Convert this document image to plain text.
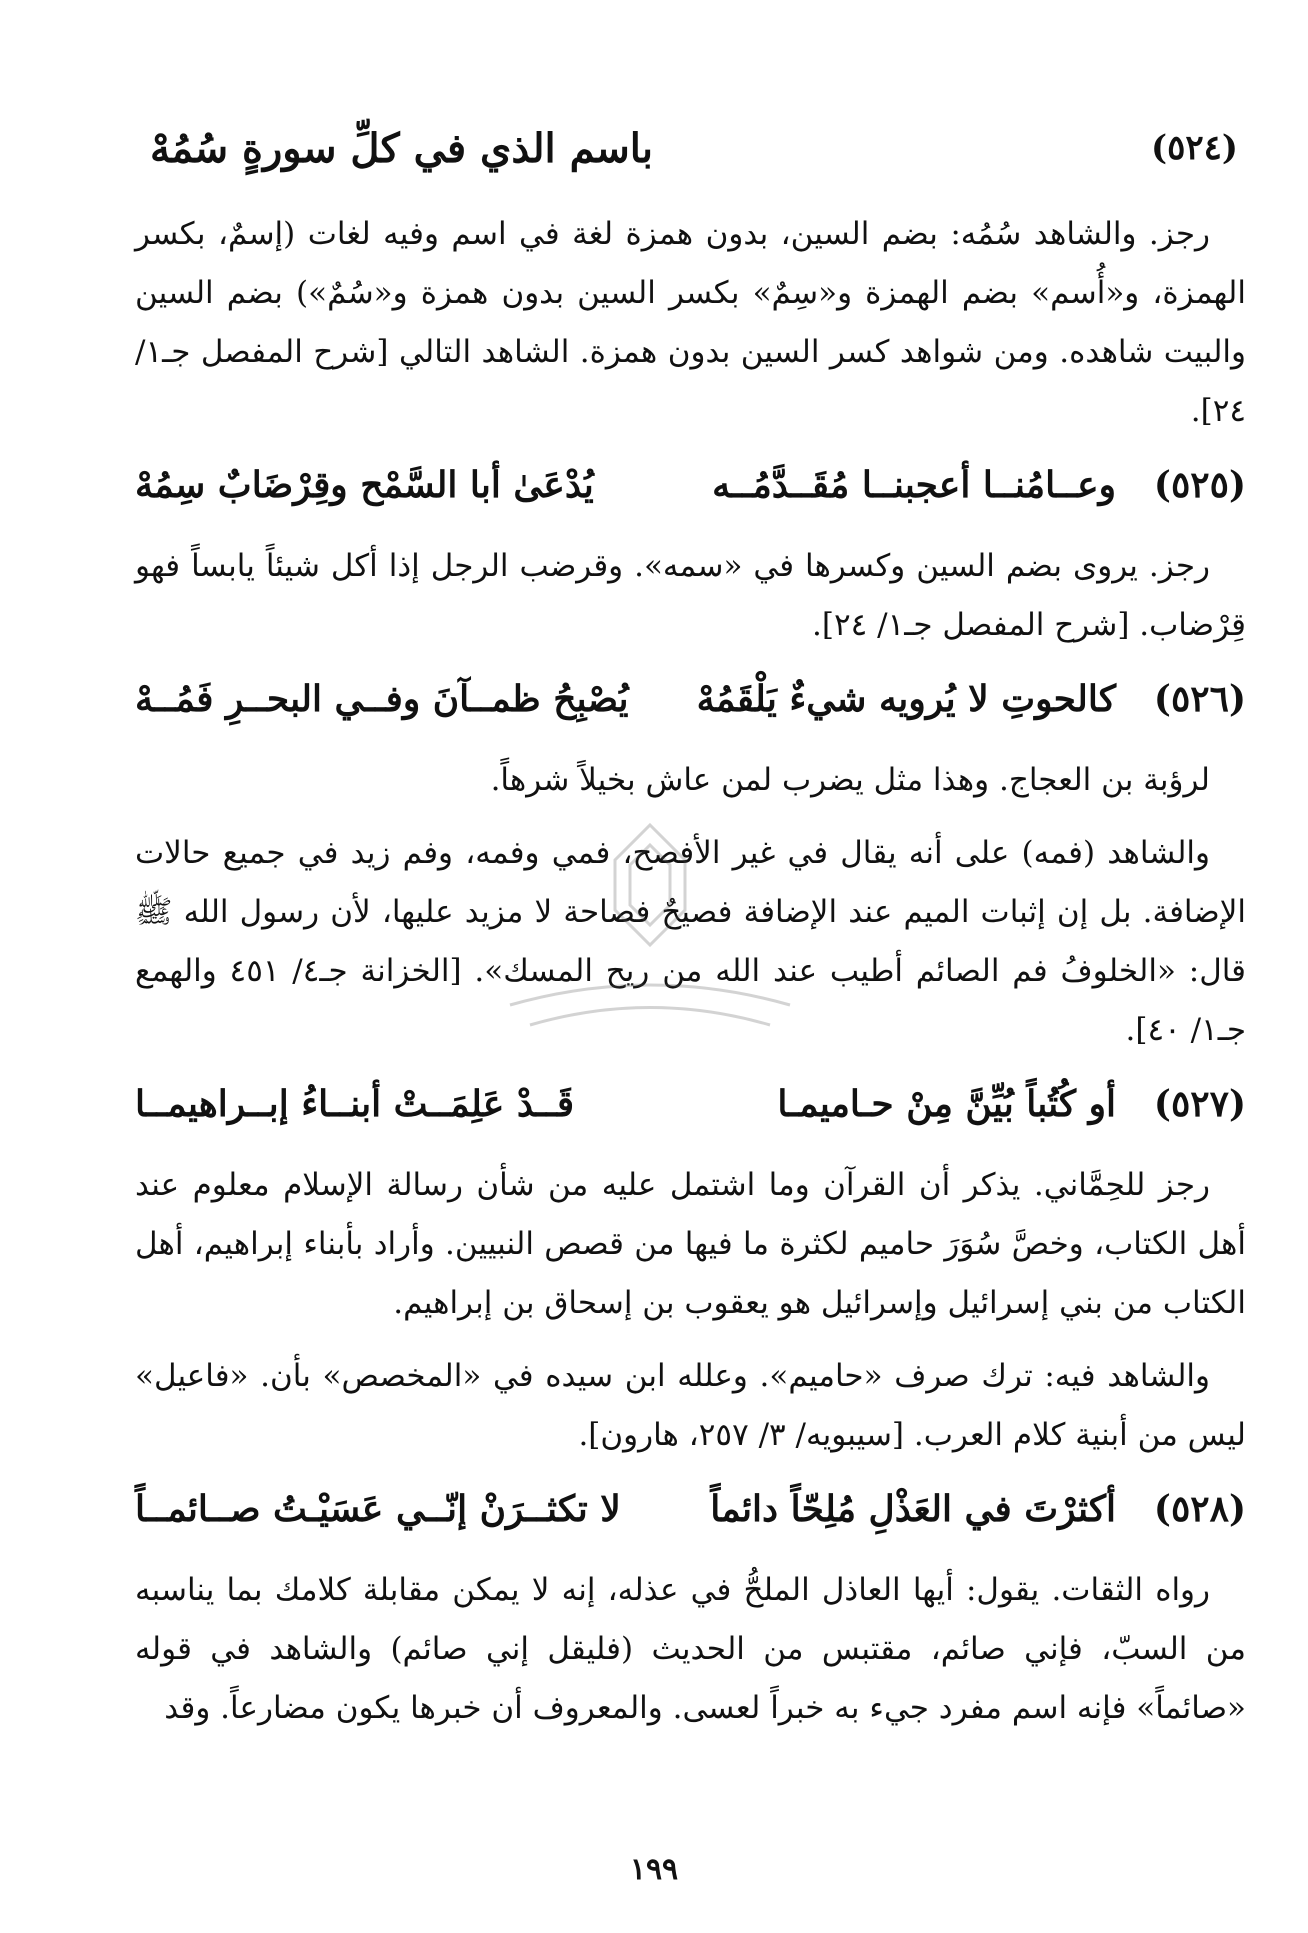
(٥٢٤)
باسم الذي في كلِّ سورةٍ سُمُهْ

رجز. والشاهد سُمُه: بضم السين، بدون همزة لغة في اسم وفيه لغات (إسمٌ، بكسر الهمزة، و«أُسم» بضم الهمزة و«سِمٌ» بكسر السين بدون همزة و«سُمٌ») بضم السين والبيت شاهده. ومن شواهد كسر السين بدون همزة. الشاهد التالي [شرح المفصل جـ١/ ٢٤].

(٥٢٥)
وعــامُنــا أعجبنــا مُقَــدَّمُــه
يُدْعَىٰ أبا السَّمْح وقِرْضَابٌ سِمُهْ

رجز. يروى بضم السين وكسرها في «سمه». وقرضب الرجل إذا أكل شيئاً يابساً فهو قِرْضاب. [شرح المفصل جـ١/ ٢٤].

(٥٢٦)
كالحوتِ لا يُرويه شيءٌ يَلْقَمُهْ
يُصْبِحُ ظمــآنَ وفــي البحــرِ فَمُــهْ

لرؤبة بن العجاج. وهذا مثل يضرب لمن عاش بخيلاً شرهاً.

والشاهد (فمه) على أنه يقال في غير الأفصح، فمي وفمه، وفم زيد في جميع حالات الإضافة. بل إن إثبات الميم عند الإضافة فصيحٌ فصاحة لا مزيد عليها، لأن رسول الله ﷺ قال: «الخلوفُ فم الصائم أطيب عند الله من ريح المسك». [الخزانة جـ٤/ ٤٥١ والهمع جـ١/ ٤٠].

(٥٢٧)
أو كُتُباً بُيِّنَّ مِنْ حـاميمـا
قَــدْ عَلِمَــتْ أبنــاءُ إبــراهيمــا

رجز للحِمَّاني. يذكر أن القرآن وما اشتمل عليه من شأن رسالة الإسلام معلوم عند أهل الكتاب، وخصَّ سُوَرَ حاميم لكثرة ما فيها من قصص النبيين. وأراد بأبناء إبراهيم، أهل الكتاب من بني إسرائيل وإسرائيل هو يعقوب بن إسحاق بن إبراهيم.

والشاهد فيه: ترك صرف «حاميم». وعلله ابن سيده في «المخصص» بأن. «فاعيل» ليس من أبنية كلام العرب. [سيبويه/ ٣/ ٢٥٧، هارون].

(٥٢٨)
أكثرْتَ في العَذْلِ مُلِحّاً دائماً
لا تكثــرَنْ إنّــي عَسَيْـتُ صــائمــاً

رواه الثقات. يقول: أيها العاذل الملحُّ في عذله، إنه لا يمكن مقابلة كلامك بما يناسبه من السبّ، فإني صائم، مقتبس من الحديث (فليقل إني صائم) والشاهد في قوله «صائماً» فإنه اسم مفرد جيء به خبراً لعسى. والمعروف أن خبرها يكون مضارعاً. وقد

١٩٩
